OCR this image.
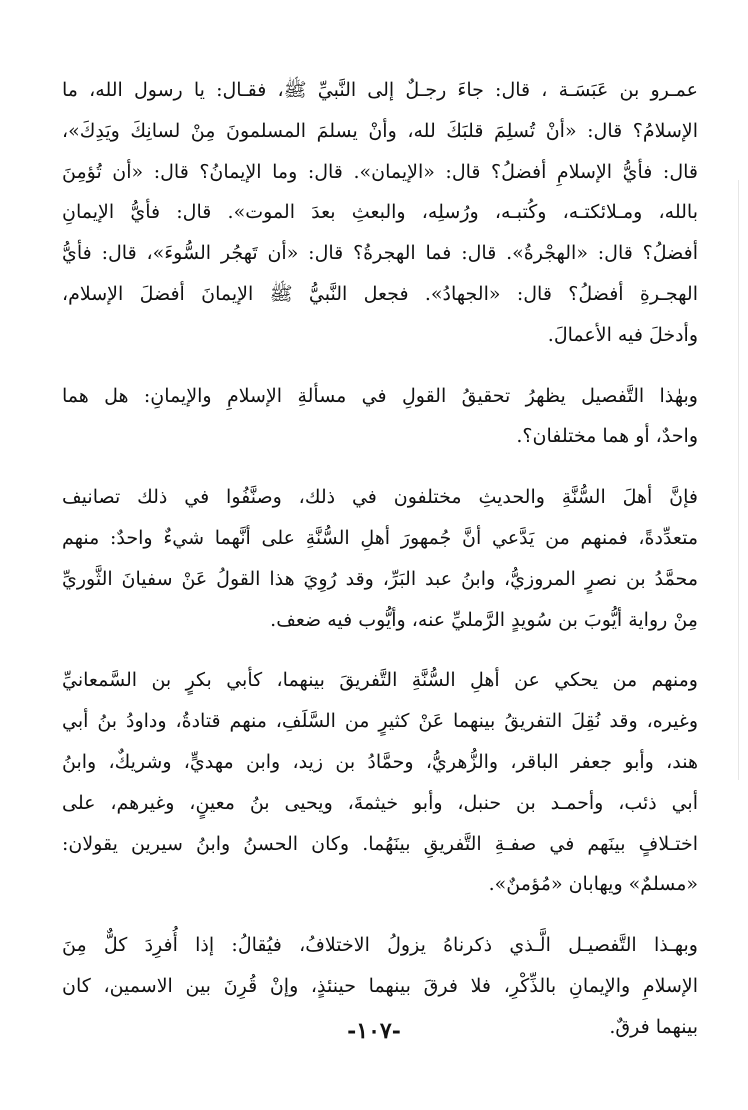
عمـرو بن عَبَسَـة ، قال: جاءَ رجـلٌ إلى النَّبيِّ ﷺ، فقـال: يا رسول الله، ما
الإسلامُ؟ قال: «أنْ تُسلِمَ قلبَكَ لله، وأنْ يسلمَ المسلمونَ مِنْ لسانِكَ ويَدِكَ»،
قال: فأيُّ الإسلامِ أفضلُ؟ قال: «الإيمان». قال: وما الإيمانُ؟ قال: «أن تُؤمِنَ
بالله، ومـلائكتـه، وكُتبـه، ورُسلِه، والبعثِ بعدَ الموت». قال: فأيُّ الإيمانِ
أفضلُ؟ قال: «الهجْرةُ». قال: فما الهجرةُ؟ قال: «أن تَهجُر السُّوءَ»، قال: فأيُّ
الهجـرةِ أفضلُ؟ قال: «الجهادُ». فجعل النَّبيُّ ﷺ الإيمانَ أفضلَ الإسلام،
وأدخلَ فيه الأعمالَ.

وبهٰذا التَّفصيل يظهرُ تحقيقُ القولِ في مسألةِ الإسلامِ والإيمانِ: هل هما
واحدٌ، أو هما مختلفان؟.

فإنَّ أهلَ السُّنَّةِ والحديثِ مختلفون في ذلك، وصنَّفُوا في ذلك تصانيف
متعدِّدةً، فمنهم من يَدَّعي أنَّ جُمهورَ أهلِ السُّنَّةِ على أنَّهما شيءٌ واحدٌ: منهم
محمَّدُ بن نصرٍ المروزيُّ، وابنُ عبد البَرِّ، وقد رُوِيَ هذا القولُ عَنْ سفيانَ الثَّوريِّ
مِنْ رواية أيُّوبَ بن سُويدٍ الرَّمليِّ عنه، وأيُّوب فيه ضعف.

ومنهم من يحكي عن أهلِ السُّنَّةِ التَّفريقَ بينهما، كأبي بكرٍ بن السَّمعانيِّ
وغيره، وقد نُقِلَ التفريقُ بينهما عَنْ كثيرٍ من السَّلَفِ، منهم قتادةُ، وداودُ بنُ أبي
هند، وأبو جعفر الباقر، والزُّهريُّ، وحمَّادُ بن زيد، وابن مهديٍّ، وشريكٌ، وابنُ
أبي ذئب، وأحمـد بن حنبل، وأبو خيثمةَ، ويحيى بنُ معينٍ، وغيرهم، على
اختـلافٍ بينَهم في صفـةِ التَّفريقِ بينَهُما. وكان الحسنُ وابنُ سيرين يقولان:
«مسلمٌ» ويهابان «مُؤمنٌ».

وبهـذا التَّفصيـل الَّـذي ذكرناهُ يزولُ الاختلافُ، فيُقالُ: إذا أُفرِدَ كلٌّ مِنَ
الإسلامِ والإيمانِ بالذِّكْرِ، فلا فرقَ بينهما حينئذٍ، وإنْ قُرِنَ بين الاسمين، كان
بينهما فرقٌ.

-١٠٧-
